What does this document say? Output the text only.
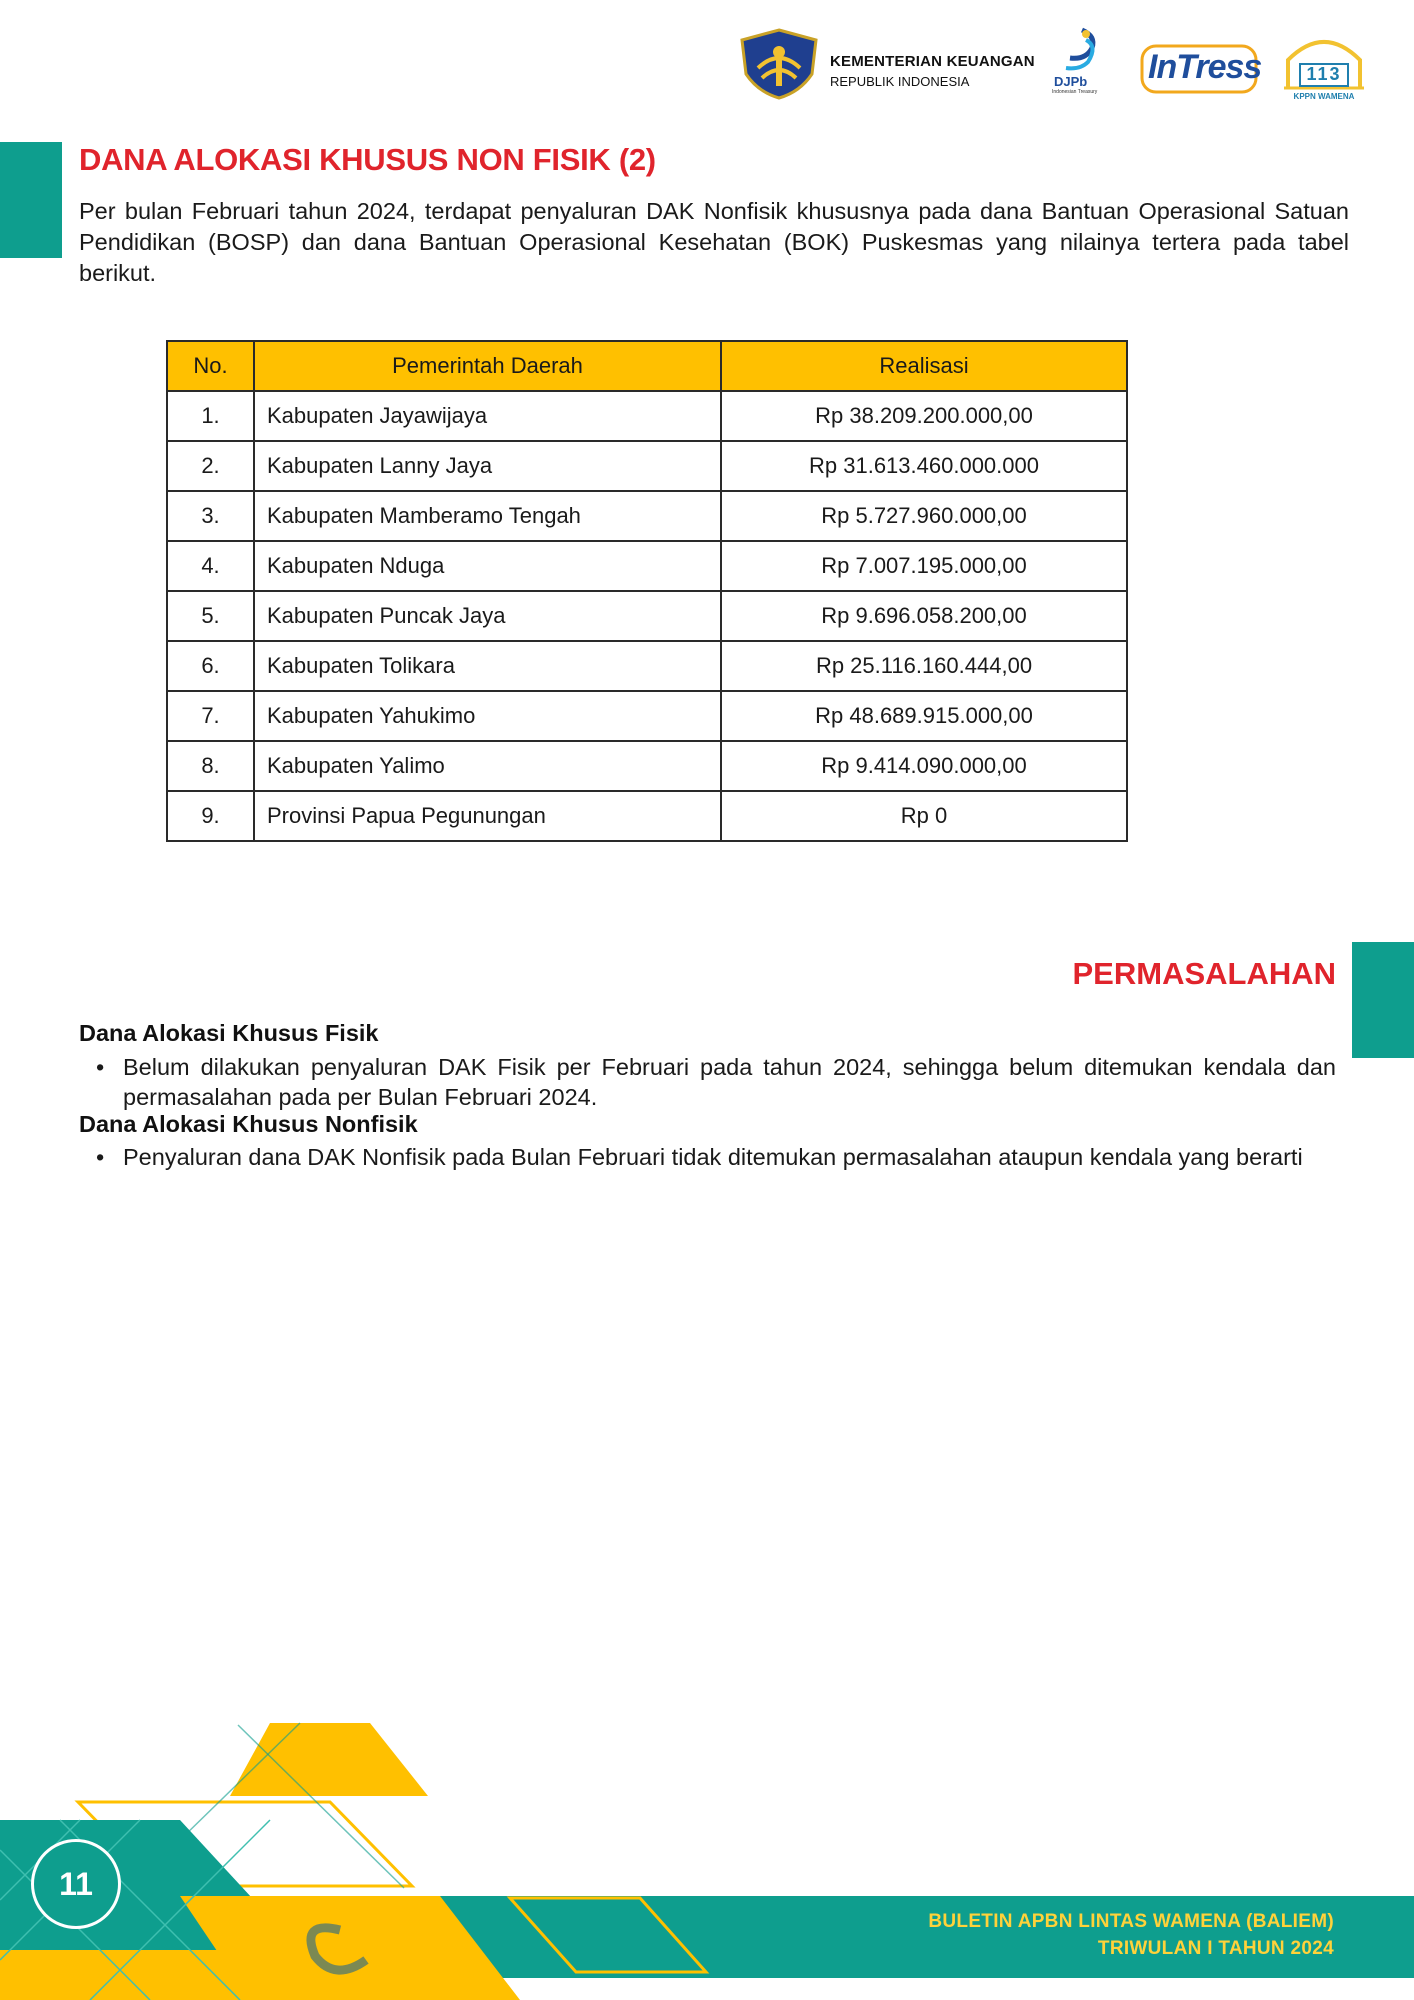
KEMENTERIAN KEUANGAN
REPUBLIK INDONESIA	DJPb
Indonesian Treasury
InTress	113
KPPN WAMENA
DANA ALOKASI KHUSUS NON FISIK (2)

Per bulan Februari tahun 2024, terdapat penyaluran DAK Nonfisik khususnya pada dana Bantuan Operasional Satuan Pendidikan (BOSP) dan dana Bantuan Operasional Kesehatan (BOK) Puskesmas yang nilainya tertera pada tabel berikut.

No.	Pemerintah Daerah	Realisasi
1.	Kabupaten Jayawijaya	Rp 38.209.200.000,00
2.	Kabupaten Lanny Jaya	Rp 31.613.460.000.000
3.	Kabupaten Mamberamo Tengah	Rp 5.727.960.000,00
4.	Kabupaten Nduga	Rp 7.007.195.000,00
5.	Kabupaten Puncak Jaya	Rp 9.696.058.200,00
6.	Kabupaten Tolikara	Rp 25.116.160.444,00
7.	Kabupaten Yahukimo	Rp 48.689.915.000,00
8.	Kabupaten Yalimo	Rp 9.414.090.000,00
9.	Provinsi Papua Pegunungan	Rp 0
PERMASALAHAN
Dana Alokasi Khusus Fisik
• Belum dilakukan penyaluran DAK Fisik per Februari pada tahun 2024, sehingga belum ditemukan kendala dan permasalahan pada per Bulan Februari 2024.
Dana Alokasi Khusus Nonfisik
• Penyaluran dana DAK Nonfisik pada Bulan Februari tidak ditemukan permasalahan ataupun kendala yang berarti
11
BULETIN APBN LINTAS WAMENA (BALIEM)
TRIWULAN I TAHUN 2024
